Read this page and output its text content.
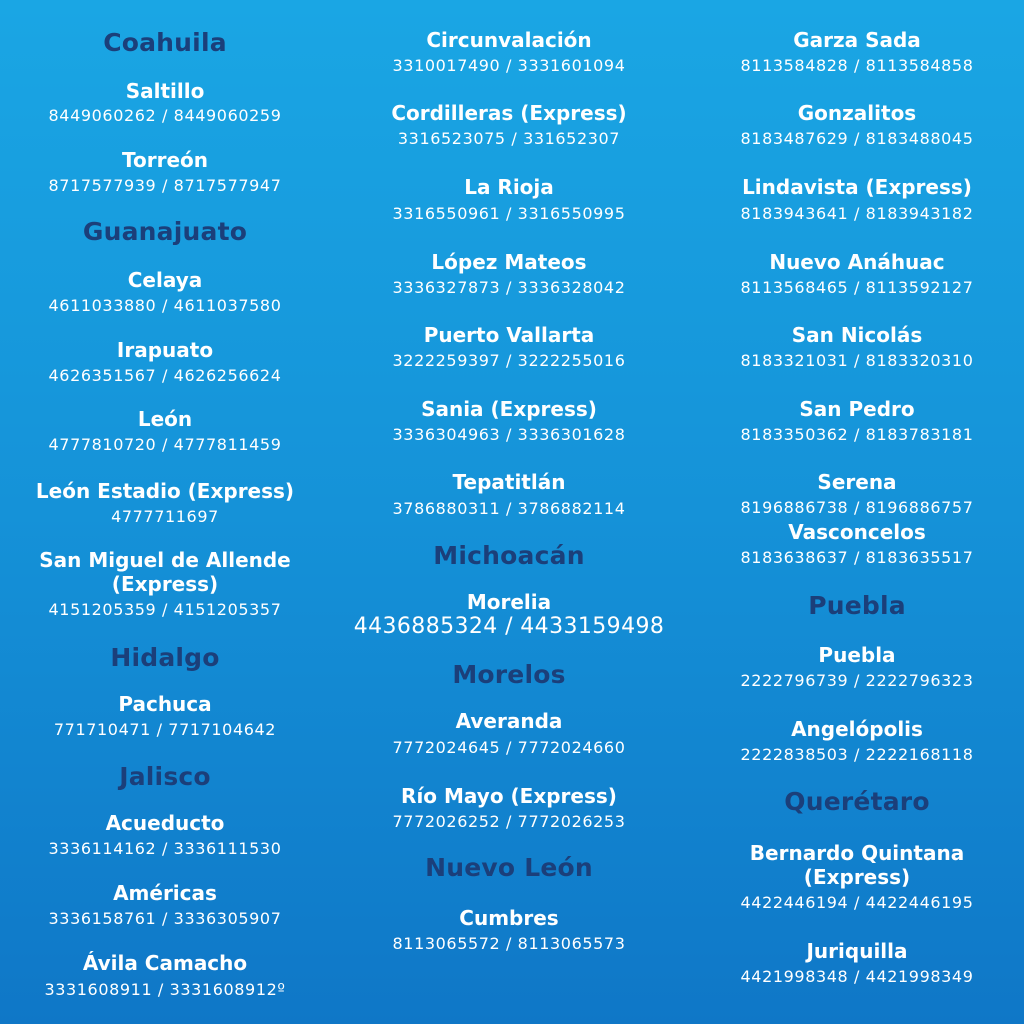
Coahuila
Saltillo
8449060262 / 8449060259
Torreón
8717577939 / 8717577947
Guanajuato
Celaya
4611033880 / 4611037580
Irapuato
4626351567 / 4626256624
León
4777810720 / 4777811459
León Estadio (Express)
4777711697
San Miguel de Allende
(Express)
4151205359 / 4151205357
Hidalgo
Pachuca
771710471 / 7717104642
Jalisco
Acueducto
3336114162 / 3336111530
Américas
3336158761 / 3336305907
Ávila Camacho
3331608911 / 3331608912º
Circunvalación
3310017490 / 3331601094
Cordilleras (Express)
3316523075 / 331652307
La Rioja
3316550961 / 3316550995
López Mateos
3336327873 / 3336328042
Puerto Vallarta
3222259397 / 3222255016
Sania (Express)
3336304963 / 3336301628
Tepatitlán
3786880311 / 3786882114
Michoacán
Morelia
4436885324 / 4433159498
Morelos
Averanda
7772024645 / 7772024660
Río Mayo (Express)
7772026252 / 7772026253
Nuevo León
Cumbres
8113065572 / 8113065573
Garza Sada
8113584828 / 8113584858
Gonzalitos
8183487629 / 8183488045
Lindavista (Express)
8183943641 / 8183943182
Nuevo Anáhuac
8113568465 / 8113592127
San Nicolás
8183321031 / 8183320310
San Pedro
8183350362 / 8183783181
Serena
8196886738 / 8196886757
Vasconcelos
8183638637 / 8183635517
Puebla
Puebla
2222796739 / 2222796323
Angelópolis
2222838503 / 2222168118
Querétaro
Bernardo Quintana
(Express)
4422446194 / 4422446195
Juriquilla
4421998348 / 4421998349
